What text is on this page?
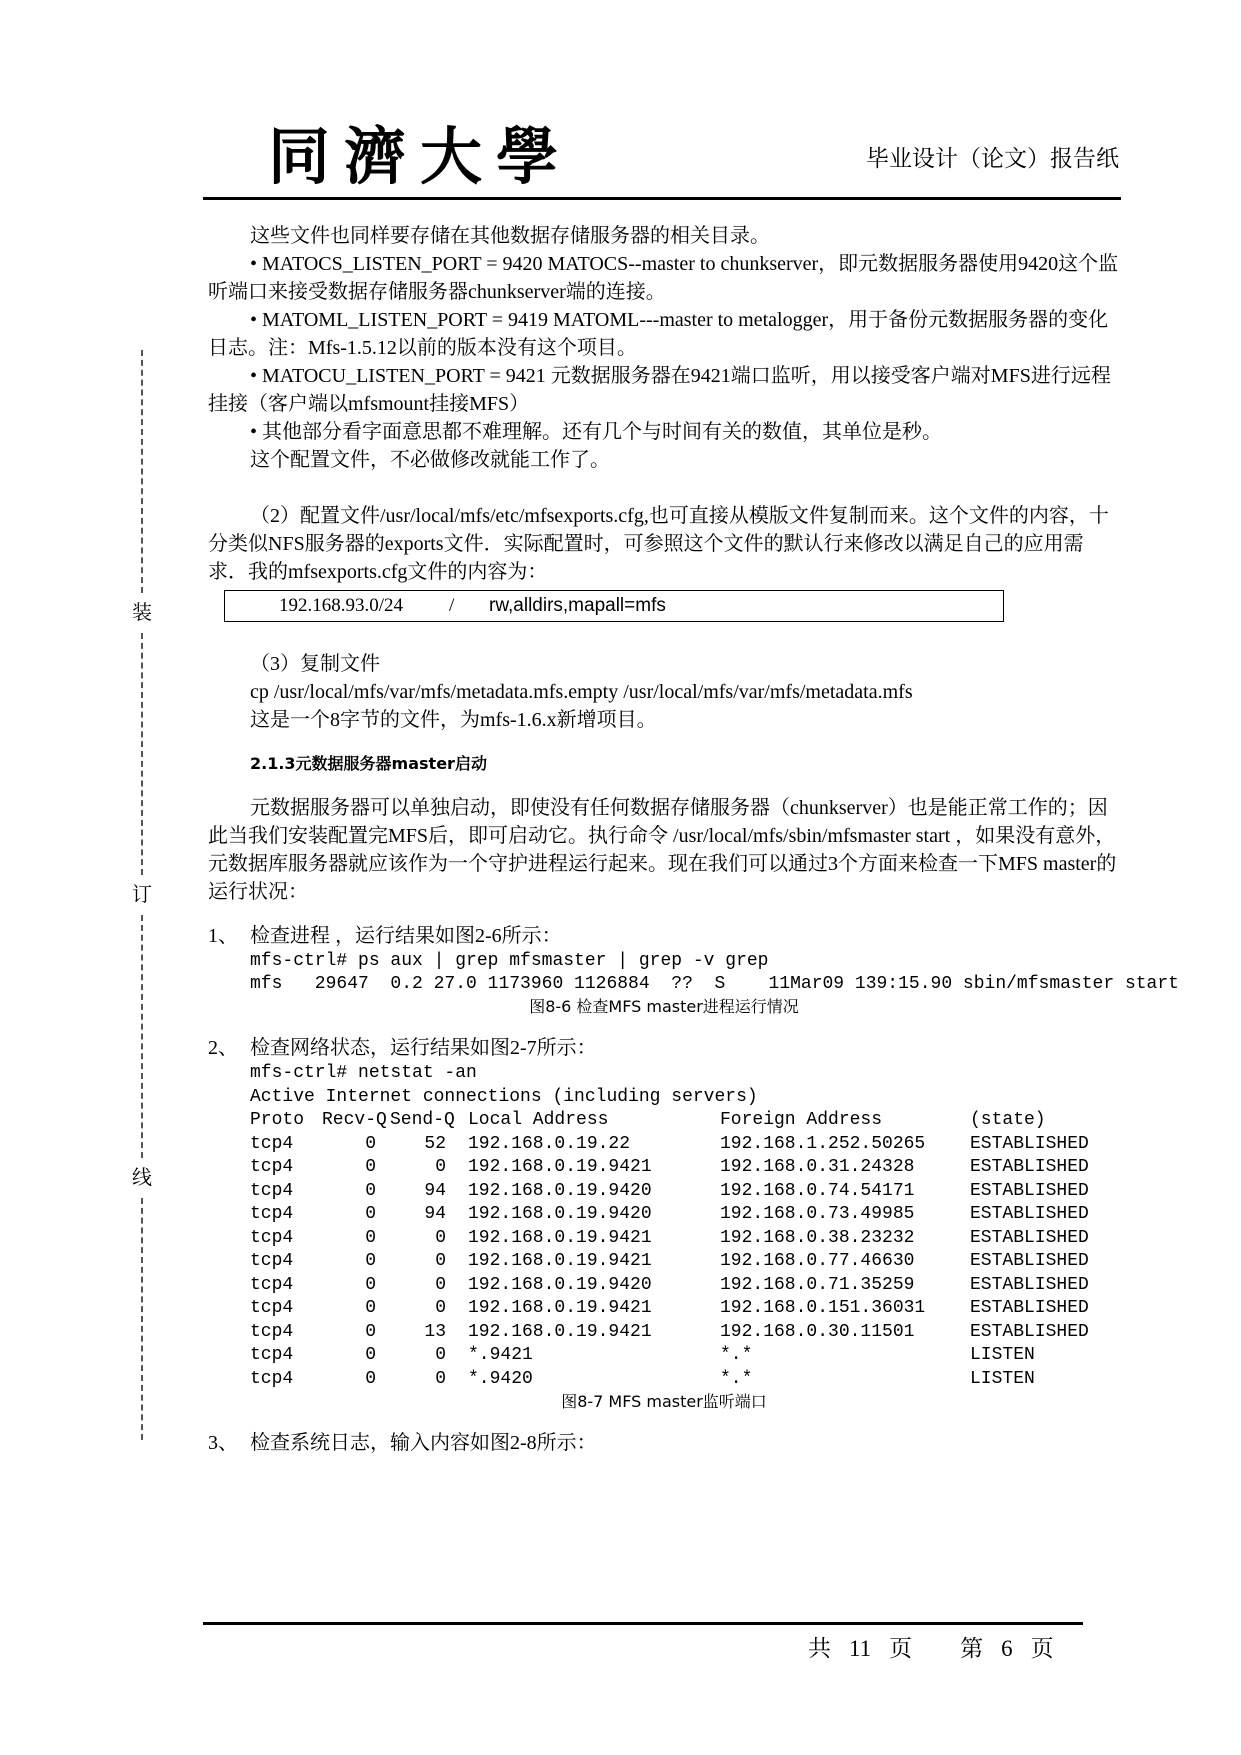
同濟大學	毕业设计（论文）报告纸
装
订
线

这些文件也同样要存储在其他数据存储服务器的相关目录。

• MATOCS_LISTEN_PORT = 9420 MATOCS--master to chunkserver，即元数据服务器使用9420这个监听端口来接受数据存储服务器chunkserver端的连接。

• MATOML_LISTEN_PORT = 9419 MATOML---master to metalogger，用于备份元数据服务器的变化日志。注：Mfs-1.5.12以前的版本没有这个项目。

• MATOCU_LISTEN_PORT = 9421 元数据服务器在9421端口监听，用以接受客户端对MFS进行远程挂接（客户端以mfsmount挂接MFS）

• 其他部分看字面意思都不难理解。还有几个与时间有关的数值，其单位是秒。

这个配置文件，不必做修改就能工作了。

（2）配置文件/usr/local/mfs/etc/mfsexports.cfg,也可直接从模版文件复制而来。这个文件的内容，十分类似NFS服务器的exports文件．实际配置时，可参照这个文件的默认行来修改以满足自己的应用需求．我的mfsexports.cfg文件的内容为：

192.168.93.0/24 / rw,alldirs,mapall=mfs

（3）复制文件

cp /usr/local/mfs/var/mfs/metadata.mfs.empty /usr/local/mfs/var/mfs/metadata.mfs

这是一个8字节的文件，为mfs-1.6.x新增项目。

2.1.3元数据服务器master启动

元数据服务器可以单独启动，即使没有任何数据存储服务器（chunkserver）也是能正常工作的；因此当我们安装配置完MFS后，即可启动它。执行命令 /usr/local/mfs/sbin/mfsmaster start ，如果没有意外，元数据库服务器就应该作为一个守护进程运行起来。现在我们可以通过3个方面来检查一下MFS master的运行状况：

1、 检查进程 ，运行结果如图2-6所示：

mfs-ctrl# ps aux | grep mfsmaster | grep -v grep
mfs   29647  0.2 27.0 1173960 1126884  ??  S    11Mar09 139:15.90 sbin/mfsmaster start
图8-6 检查MFS master进程运行情况

2、 检查网络状态，运行结果如图2-7所示：

mfs-ctrl# netstat -an
Active Internet connections (including servers)
Proto Recv-Q Send-Q Local Address	Foreign Address	(state)
tcp4	0	52	192.168.0.19.22	192.168.1.252.50265	ESTABLISHED
tcp4	0	0	192.168.0.19.9421	192.168.0.31.24328	ESTABLISHED
tcp4	0	94	192.168.0.19.9420	192.168.0.74.54171	ESTABLISHED
tcp4	0	94	192.168.0.19.9420	192.168.0.73.49985	ESTABLISHED
tcp4	0	0	192.168.0.19.9421	192.168.0.38.23232	ESTABLISHED
tcp4	0	0	192.168.0.19.9421	192.168.0.77.46630	ESTABLISHED
tcp4	0	0	192.168.0.19.9420	192.168.0.71.35259	ESTABLISHED
tcp4	0	0	192.168.0.19.9421	192.168.0.151.36031	ESTABLISHED
tcp4	0	13	192.168.0.19.9421	192.168.0.30.11501	ESTABLISHED
tcp4	0	0	*.9421	*.*	LISTEN
tcp4	0	0	*.9420	*.*	LISTEN
图8-7 MFS master监听端口

3、 检查系统日志，输入内容如图2-8所示：

共 11 页 第 6 页
